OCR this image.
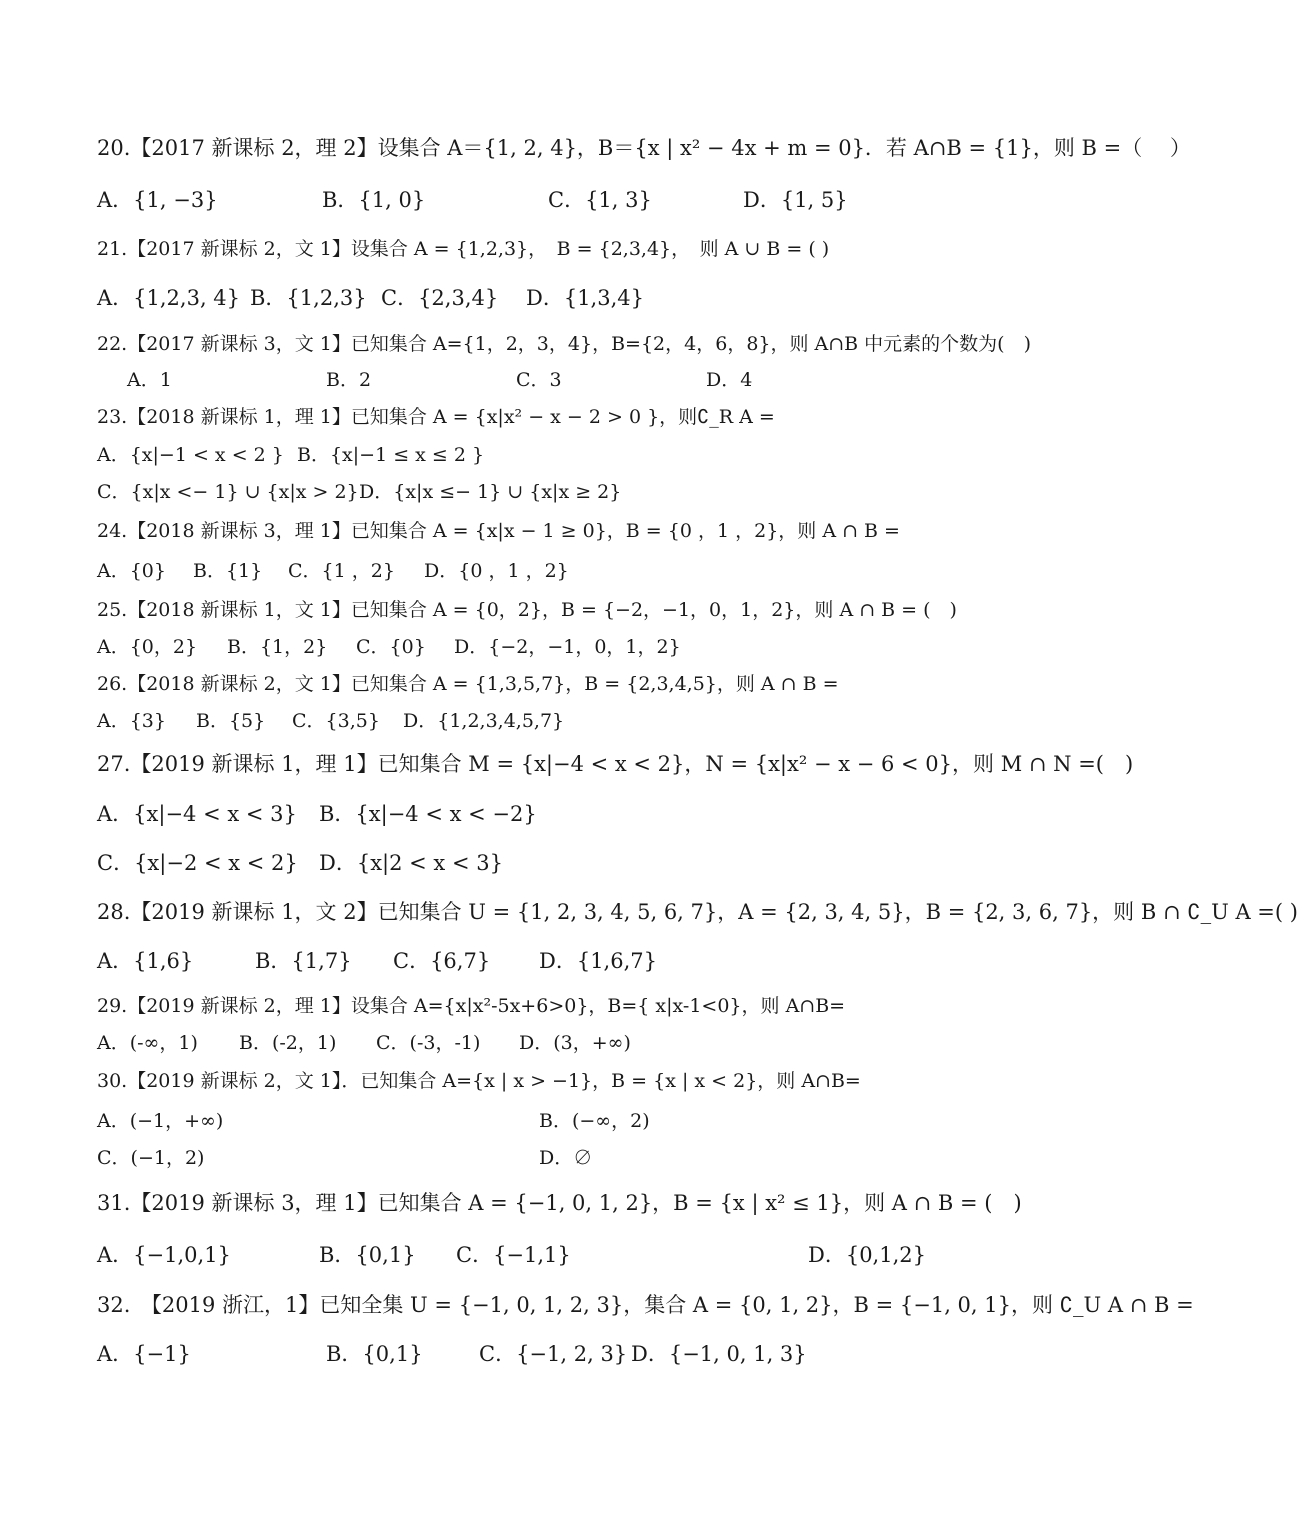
20.【2017 新课标 2，理 2】设集合 A＝{1, 2, 4}，B＝{x | x² − 4x + m = 0}．若 A∩B = {1}，则 B =（　 ）
A．{1, −3}	B．{1, 0}	C．{1, 3}	D．{1, 5}
21.【2017 新课标 2，文 1】设集合 A = {1,2,3}，　B = {2,3,4}，　则 A ∪ B = ( )
A．{1,2,3, 4} B．{1,2,3} C．{2,3,4} D．{1,3,4}
22.【2017 新课标 3，文 1】已知集合 A={1，2，3，4}，B={2，4，6，8}，则 A∩B 中元素的个数为(　)
A．1	B．2	C．3	D．4
23.【2018 新课标 1，理 1】已知集合 A = {x|x² − x − 2 > 0 }，则∁_R A =
A．{x|−1 < x < 2 } B．{x|−1 ≤ x ≤ 2 }
C．{x|x <− 1} ∪ {x|x > 2} D．{x|x ≤− 1} ∪ {x|x ≥ 2}
24.【2018 新课标 3，理 1】已知集合 A = {x|x − 1 ≥ 0}，B = {0 ，1 ，2}，则 A ∩ B =
A．{0} B．{1} C．{1 ，2} D．{0 ，1 ，2}
25.【2018 新课标 1，文 1】已知集合 A = {0，2}，B = {−2，−1，0，1，2}，则 A ∩ B = (　)
A．{0，2} B．{1，2} C．{0} D．{−2，−1，0，1，2}
26.【2018 新课标 2，文 1】已知集合 A = {1,3,5,7}，B = {2,3,4,5}，则 A ∩ B =
A．{3} B．{5} C．{3,5} D．{1,2,3,4,5,7}
27.【2019 新课标 1，理 1】已知集合 M = {x|−4 < x < 2}，N = {x|x² − x − 6 < 0}，则 M ∩ N =(　)
A．{x|−4 < x < 3} B．{x|−4 < x < −2}
C．{x|−2 < x < 2} D．{x|2 < x < 3}
28.【2019 新课标 1，文 2】已知集合 U = {1, 2, 3, 4, 5, 6, 7}，A = {2, 3, 4, 5}，B = {2, 3, 6, 7}，则 B ∩ ∁_U A =( )
A．{1,6}	B．{1,7} C．{6,7} D．{1,6,7}
29.【2019 新课标 2，理 1】设集合 A={x|x²-5x+6>0}，B={ x|x-1<0}，则 A∩B=
A．(-∞，1) B．(-2，1) C．(-3，-1) D．(3，+∞)
30.【2019 新课标 2，文 1】．已知集合 A={x | x > −1}，B = {x | x < 2}，则 A∩B=
A．(−1，+∞)	B．(−∞，2)
C．(−1，2)	D．∅
31.【2019 新课标 3，理 1】已知集合 A = {−1, 0, 1, 2}，B = {x | x² ≤ 1}，则 A ∩ B = (　)
A．{−1,0,1}	B．{0,1} C．{−1,1}	D．{0,1,2}
32.　【2019 浙江，1】已知全集 U = {−1, 0, 1, 2, 3}，集合 A = {0, 1, 2}，B = {−1, 0, 1}，则 ∁_U A ∩ B =
A．{−1}	B．{0,1}	C．{−1, 2, 3} D．{−1, 0, 1, 3}
